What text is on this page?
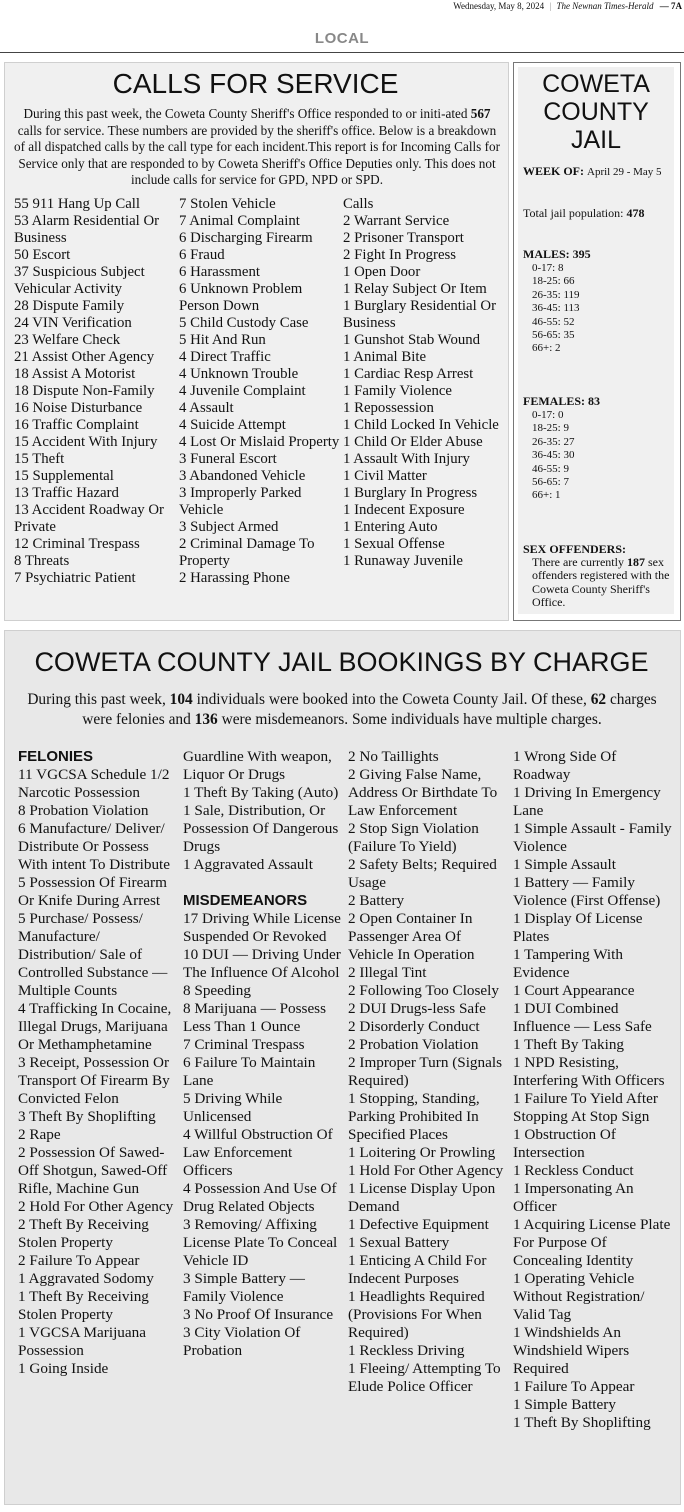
Wednesday, May 8, 2024 | The Newnan Times-Herald — 7A
LOCAL
CALLS FOR SERVICE
During this past week, the Coweta County Sheriff's Office responded to or initi-ated 567 calls for service. These numbers are provided by the sheriff's office. Below is a breakdown of all dispatched calls by the call type for each incident.This report is for Incoming Calls for Service only that are responded to by Coweta Sheriff's Office Deputies only. This does not include calls for service for GPD, NPD or SPD.
55 911 Hang Up Call
53 Alarm Residential Or Business
50 Escort
37 Suspicious Subject Vehicular Activity
28 Dispute Family
24 VIN Verification
23 Welfare Check
21 Assist Other Agency
18 Assist A Motorist
18 Dispute Non-Family
16 Noise Disturbance
16 Traffic Complaint
15 Accident With Injury
15 Theft
15 Supplemental
13 Traffic Hazard
13 Accident Roadway Or Private
12 Criminal Trespass
8 Threats
7 Psychiatric Patient
7 Stolen Vehicle
7 Animal Complaint
6 Discharging Firearm
6 Fraud
6 Harassment
6 Unknown Problem Person Down
5 Child Custody Case
5 Hit And Run
4 Direct Traffic
4 Unknown Trouble
4 Juvenile Complaint
4 Assault
4 Suicide Attempt
4 Lost Or Mislaid Property
3 Funeral Escort
3 Abandoned Vehicle
3 Improperly Parked Vehicle
3 Subject Armed
2 Criminal Damage To Property
2 Harassing Phone
Calls
2 Warrant Service
2 Prisoner Transport
2 Fight In Progress
1 Open Door
1 Relay Subject Or Item
1 Burglary Residential Or Business
1 Gunshot Stab Wound
1 Animal Bite
1 Cardiac Resp Arrest
1 Family Violence
1 Repossession
1 Child Locked In Vehicle
1 Child Or Elder Abuse
1 Assault With Injury
1 Civil Matter
1 Burglary In Progress
1 Indecent Exposure
1 Entering Auto
1 Sexual Offense
1 Runaway Juvenile
COWETA
COUNTY
JAIL
WEEK OF: April 29 - May 5
Total jail population: 478
MALES: 395
0-17: 8
18-25: 66
26-35: 119
36-45: 113
46-55: 52
56-65: 35
66+: 2
FEMALES: 83
0-17: 0
18-25: 9
26-35: 27
36-45: 30
46-55: 9
56-65: 7
66+: 1
SEX OFFENDERS:
There are currently 187 sex offenders registered with the Coweta County Sheriff's Office.
COWETA COUNTY JAIL BOOKINGS BY CHARGE
During this past week, 104 individuals were booked into the Coweta County Jail. Of these, 62 charges were felonies and 136 were misdemeanors. Some individuals have multiple charges.
FELONIES
11 VGCSA Schedule 1/2 Narcotic Possession
8 Probation Violation
6 Manufacture/ Deliver/ Distribute Or Possess With intent To Distribute
5 Possession Of Firearm Or Knife During Arrest
5 Purchase/ Possess/ Manufacture/ Distribution/ Sale of Controlled Substance — Multiple Counts
4 Trafficking In Cocaine, Illegal Drugs, Marijuana Or Methamphetamine
3 Receipt, Possession Or Transport Of Firearm By Convicted Felon
3 Theft By Shoplifting
2 Rape
2 Possession Of Sawed-Off Shotgun, Sawed-Off Rifle, Machine Gun
2 Hold For Other Agency
2 Theft By Receiving Stolen Property
2 Failure To Appear
1 Aggravated Sodomy
1 Theft By Receiving Stolen Property
1 VGCSA Marijuana Possession
1 Going Inside
Guardline With weapon, Liquor Or Drugs
1 Theft By Taking (Auto)
1 Sale, Distribution, Or Possession Of Dangerous Drugs
1 Aggravated Assault
MISDEMEANORS
17 Driving While License Suspended Or Revoked
10 DUI — Driving Under The Influence Of Alcohol
8 Speeding
8 Marijuana — Possess Less Than 1 Ounce
7 Criminal Trespass
6 Failure To Maintain Lane
5 Driving While Unlicensed
4 Willful Obstruction Of Law Enforcement Officers
4 Possession And Use Of Drug Related Objects
3 Removing/ Affixing License Plate To Conceal Vehicle ID
3 Simple Battery — Family Violence
3 No Proof Of Insurance
3 City Violation Of Probation
2 No Taillights
2 Giving False Name, Address Or Birthdate To Law Enforcement
2 Stop Sign Violation (Failure To Yield)
2 Safety Belts; Required Usage
2 Battery
2 Open Container In Passenger Area Of Vehicle In Operation
2 Illegal Tint
2 Following Too Closely
2 DUI Drugs-less Safe
2 Disorderly Conduct
2 Probation Violation
2 Improper Turn (Signals Required)
1 Stopping, Standing, Parking Prohibited In Specified Places
1 Loitering Or Prowling
1 Hold For Other Agency
1 License Display Upon Demand
1 Defective Equipment
1 Sexual Battery
1 Enticing A Child For Indecent Purposes
1 Headlights Required (Provisions For When Required)
1 Reckless Driving
1 Fleeing/ Attempting To Elude Police Officer
1 Wrong Side Of Roadway
1 Driving In Emergency Lane
1 Simple Assault - Family Violence
1 Simple Assault
1 Battery — Family Violence (First Offense)
1 Display Of License Plates
1 Tampering With Evidence
1 Court Appearance
1 DUI Combined Influence — Less Safe
1 Theft By Taking
1 NPD Resisting, Interfering With Officers
1 Failure To Yield After Stopping At Stop Sign
1 Obstruction Of Intersection
1 Reckless Conduct
1 Impersonating An Officer
1 Acquiring License Plate For Purpose Of Concealing Identity
1 Operating Vehicle Without Registration/ Valid Tag
1 Windshields An Windshield Wipers Required
1 Failure To Appear
1 Simple Battery
1 Theft By Shoplifting
